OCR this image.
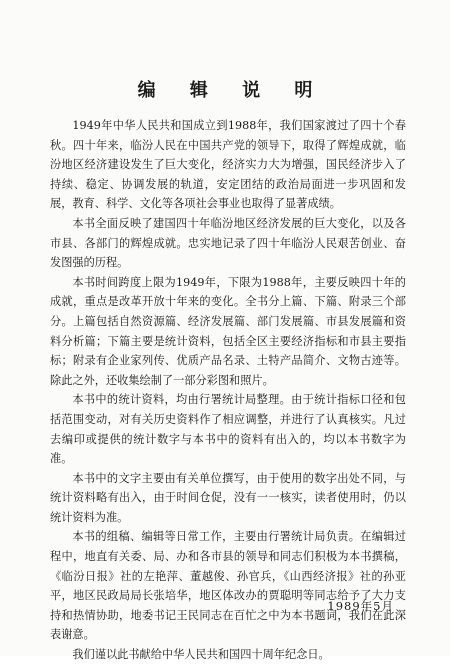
编 辑 说 明

1949年中华人民共和国成立到1988年，我们国家渡过了四十个春秋。四十年来，临汾人民在中国共产党的领导下，取得了辉煌成就，临汾地区经济建设发生了巨大变化，经济实力大为增强，国民经济步入了持续、稳定、协调发展的轨道，安定团结的政治局面进一步巩固和发展，教育、科学、文化等各项社会事业也取得了显著成绩。

本书全面反映了建国四十年临汾地区经济发展的巨大变化，以及各市县、各部门的辉煌成就。忠实地记录了四十年临汾人民艰苦创业、奋发图强的历程。

本书时间跨度上限为1949年，下限为1988年，主要反映四十年的成就，重点是改革开放十年来的变化。全书分上篇、下篇、附录三个部分。上篇包括自然资源篇、经济发展篇、部门发展篇、市县发展篇和资料分析篇；下篇主要是统计资料，包括全区主要经济指标和市县主要指标；附录有企业家列传、优质产品名录、土特产品简介、文物古迹等。除此之外，还收集绘制了一部分彩图和照片。

本书中的统计资料，均由行署统计局整理。由于统计指标口径和包括范围变动，对有关历史资料作了相应调整，并进行了认真核实。凡过去编印或提供的统计数字与本书中的资料有出入的，均以本书数字为准。

本书中的文字主要由有关单位撰写，由于使用的数字出处不同，与统计资料略有出入，由于时间仓促，没有一一核实，读者使用时，仍以统计资料为准。

本书的组稿、编辑等日常工作，主要由行署统计局负责。在编辑过程中，地直有关委、局、办和各市县的领导和同志们积极为本书撰稿，《临汾日报》社的左艳萍、董越俊、孙官兵，《山西经济报》社的孙亚平，地区民政局局长张培华，地区体改办的贾聪明等同志给予了大力支持和热情协助，地委书记王民同志在百忙之中为本书题词，我们在此深表谢意。

我们谨以此书献给中华人民共和国四十周年纪念日。

1989年5月
